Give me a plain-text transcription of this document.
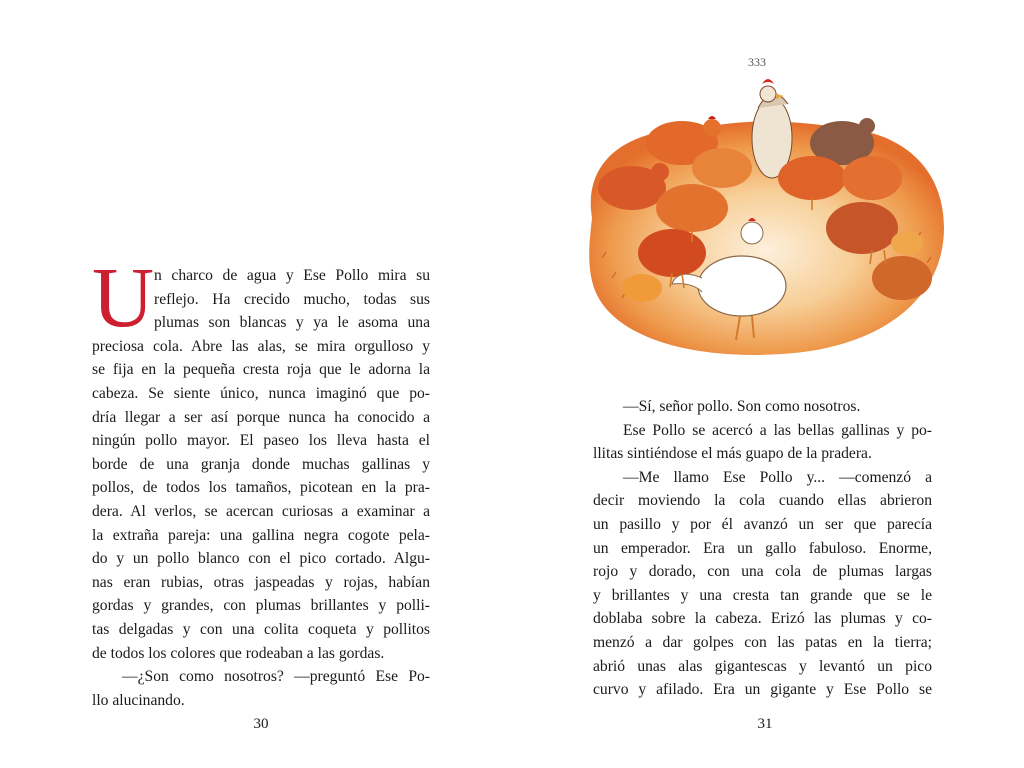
U n charco de agua y Ese Pollo mira su
reflejo. Ha crecido mucho, todas sus
plumas son blancas y ya le asoma una
preciosa cola. Abre las alas, se mira orgulloso y
se fija en la pequeña cresta roja que le adorna la
cabeza. Se siente único, nunca imaginó que po-
dría llegar a ser así porque nunca ha conocido a
ningún pollo mayor. El paseo los lleva hasta el
borde de una granja donde muchas gallinas y
pollos, de todos los tamaños, picotean en la pra-
dera. Al verlos, se acercan curiosas a examinar a
la extraña pareja: una gallina negra cogote pela-
do y un pollo blanco con el pico cortado. Algu-
nas eran rubias, otras jaspeadas y rojas, habían
gordas y grandes, con plumas brillantes y polli-
tas delgadas y con una colita coqueta y pollitos
de todos los colores que rodeaban a las gordas.
—¿Son como nosotros? —preguntó Ese Po-
llo alucinando.
30
333
—Sí, señor pollo. Son como nosotros.
Ese Pollo se acercó a las bellas gallinas y po-
llitas sintiéndose el más guapo de la pradera.
—Me llamo Ese Pollo y... —comenzó a
decir moviendo la cola cuando ellas abrieron
un pasillo y por él avanzó un ser que parecía
un emperador. Era un gallo fabuloso. Enorme,
rojo y dorado, con una cola de plumas largas
y brillantes y una cresta tan grande que se le
doblaba sobre la cabeza. Erizó las plumas y co-
menzó a dar golpes con las patas en la tierra;
abrió unas alas gigantescas y levantó un pico
curvo y afilado. Era un gigante y Ese Pollo se
31
